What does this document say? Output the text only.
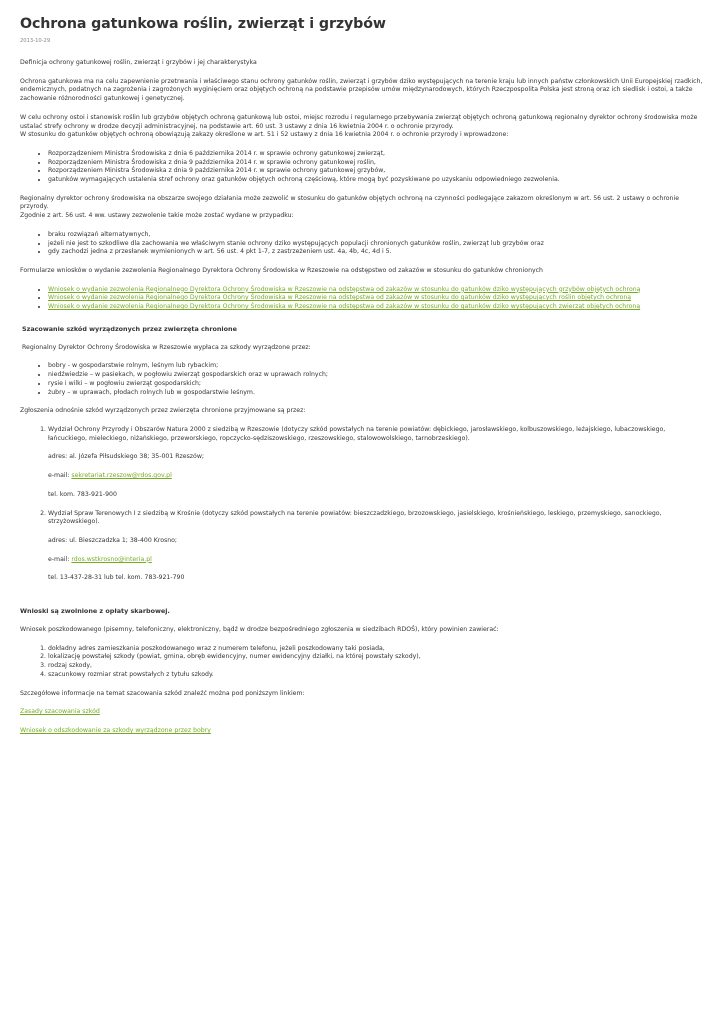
Ochrona gatunkowa roślin, zwierząt i grzybów
2013-10-29

Definicja ochrony gatunkowej roślin, zwierząt i grzybów i jej charakterystyka

Ochrona gatunkowa ma na celu zapewnienie przetrwania i właściwego stanu ochrony gatunków roślin, zwierząt i grzybów dziko występujących na terenie kraju lub innych państw członkowskich Unii Europejskiej rzadkich, endemicznych, podatnych na zagrożenia i zagrożonych wyginięciem oraz objętych ochroną na podstawie przepisów umów międzynarodowych, których Rzeczpospolita Polska jest stroną oraz ich siedlisk i ostoi, a także zachowanie różnorodności gatunkowej i genetycznej.

W celu ochrony ostoi i stanowisk roślin lub grzybów objętych ochroną gatunkową lub ostoi, miejsc rozrodu i regularnego przebywania zwierząt objętych ochroną gatunkową regionalny dyrektor ochrony środowiska może ustalać strefy ochrony w drodze decyzji administracyjnej, na podstawie art. 60 ust. 3 ustawy z dnia 16 kwietnia 2004 r. o ochronie przyrody.

W stosunku do gatunków objętych ochroną obowiązują zakazy określone w art. 51 i 52 ustawy z dnia 16 kwietnia 2004 r. o ochronie przyrody i wprowadzone:

• Rozporządzeniem Ministra Środowiska z dnia 6 października 2014 r. w sprawie ochrony gatunkowej zwierząt,
• Rozporządzeniem Ministra Środowiska z dnia 9 października 2014 r. w sprawie ochrony gatunkowej roślin,
• Rozporządzeniem Ministra Środowiska z dnia 9 października 2014 r. w sprawie ochrony gatunkowej grzybów,
• gatunków wymagających ustalenia stref ochrony oraz gatunków objętych ochroną częściową, które mogą być pozyskiwane po uzyskaniu odpowiedniego zezwolenia.

Regionalny dyrektor ochrony środowiska na obszarze swojego działania może zezwolić w stosunku do gatunków objętych ochroną na czynności podlegające zakazom określonym w art. 56 ust. 2 ustawy o ochronie przyrody.

Zgodnie z art. 56 ust. 4 ww. ustawy zezwolenie takie może zostać wydane w przypadku:

• braku rozwiązań alternatywnych,
• jeżeli nie jest to szkodliwe dla zachowania we właściwym stanie ochrony dziko występujących populacji chronionych gatunków roślin, zwierząt lub grzybów oraz
• gdy zachodzi jedna z przesłanek wymienionych w art. 56 ust. 4 pkt 1-7, z zastrzeżeniem ust. 4a, 4b, 4c, 4d i 5.

Formularze wniosków o wydanie zezwolenia Regionalnego Dyrektora Ochrony Środowiska w Rzeszowie na odstępstwo od zakazów w stosunku do gatunków chronionych

• Wniosek o wydanie zezwolenia Regionalnego Dyrektora Ochrony Środowiska w Rzeszowie na odstępstwa od zakazów w stosunku do gatunków dziko występujących grzybów objętych ochroną
• Wniosek o wydanie zezwolenia Regionalnego Dyrektora Ochrony Środowiska w Rzeszowie na odstępstwa od zakazów w stosunku do gatunków dziko występujących roślin objętych ochroną
• Wniosek o wydanie zezwolenia Regionalnego Dyrektora Ochrony Środowiska w Rzeszowie na odstępstwa od zakazów w stosunku do gatunków dziko występujących zwierząt objętych ochroną

Szacowanie szkód wyrządzonych przez zwierzęta chronione

Regionalny Dyrektor Ochrony Środowiska w Rzeszowie wypłaca za szkody wyrządzone przez:

• bobry - w gospodarstwie rolnym, leśnym lub rybackim;
• niedźwiedzie – w pasiekach, w pogłowiu zwierząt gospodarskich oraz w uprawach rolnych;
• rysie i wilki – w pogłowiu zwierząt gospodarskich;
• żubry – w uprawach, płodach rolnych lub w gospodarstwie leśnym.

Zgłoszenia odnośnie szkód wyrządzonych przez zwierzęta chronione przyjmowane są przez:

1. Wydział Ochrony Przyrody i Obszarów Natura 2000 z siedzibą w Rzeszowie (dotyczy szkód powstałych na terenie powiatów: dębickiego, jarosławskiego, kolbuszowskiego, leżajskiego, lubaczowskiego, łańcuckiego, mieleckiego, niżańskiego, przeworskiego, ropczycko-sędziszowskiego, rzeszowskiego, stalowowolskiego, tarnobrzeskiego).
adres: al. Józefa Piłsudskiego 38; 35-001 Rzeszów;
e-mail: sekretariat.rzeszow@rdos.gov.pl
tel. kom. 783-921-900
2. Wydział Spraw Terenowych I z siedzibą w Krośnie (dotyczy szkód powstałych na terenie powiatów: bieszczadzkiego, brzozowskiego, jasielskiego, krośnieńskiego, leskiego, przemyskiego, sanockiego, strzyżowskiego).
adres: ul. Bieszczadzka 1; 38-400 Krosno;
e-mail: rdos.wstkrosno@interia.pl
tel. 13-437-28-31 lub tel. kom. 783-921-790

Wnioski są zwolnione z opłaty skarbowej.

Wniosek poszkodowanego (pisemny, telefoniczny, elektroniczny, bądź w drodze bezpośredniego zgłoszenia w siedzibach RDOŚ), który powinien zawierać:

1. dokładny adres zamieszkania poszkodowanego wraz z numerem telefonu, jeżeli poszkodowany taki posiada,
2. lokalizację powstałej szkody (powiat, gmina, obręb ewidencyjny, numer ewidencyjny działki, na której powstały szkody),
3. rodzaj szkody,
4. szacunkowy rozmiar strat powstałych z tytułu szkody.

Szczegółowe informacje na temat szacowania szkód znaleźć można pod poniższym linkiem:

Zasady szacowania szkód

Wniosek o odszkodowanie za szkody wyrządzone przez bobry
